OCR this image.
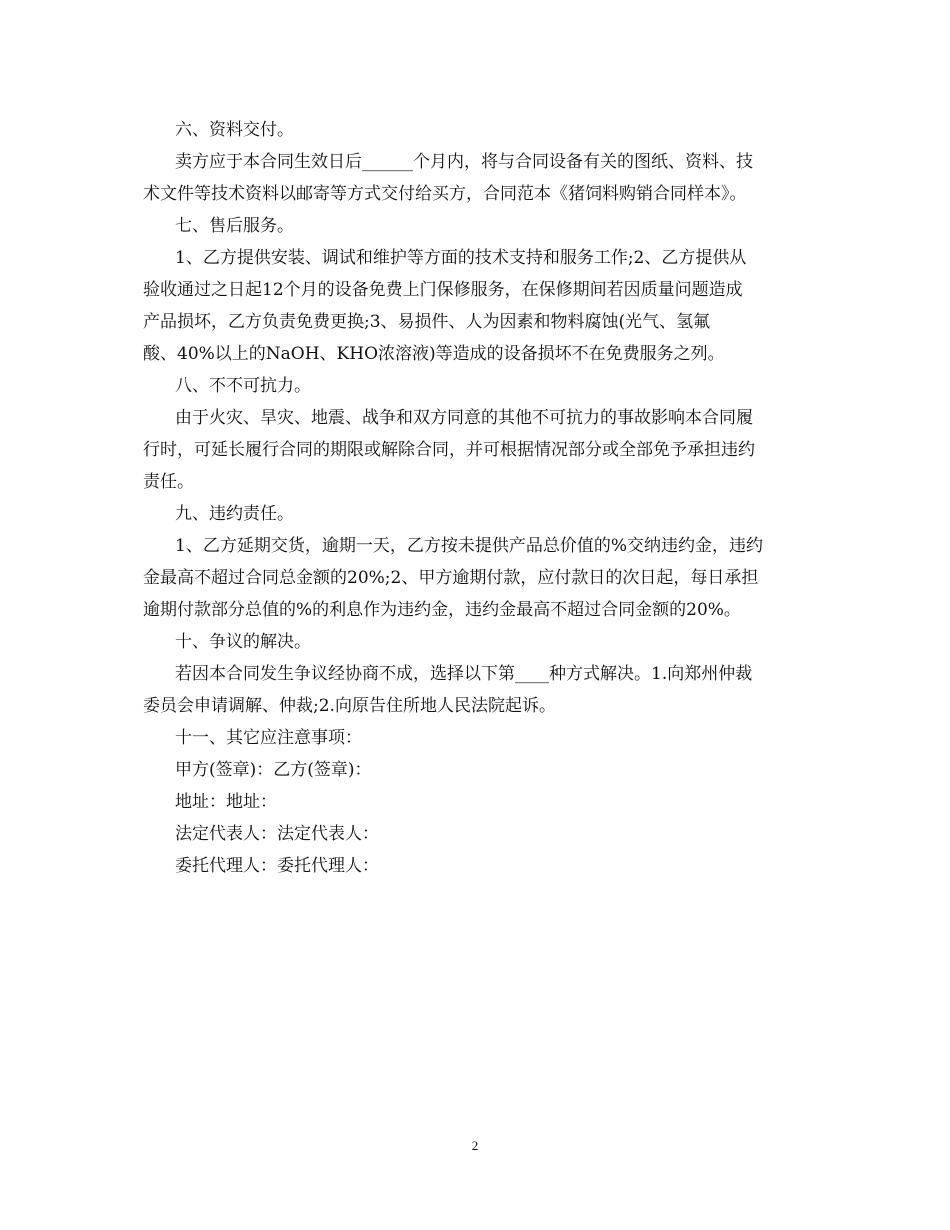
六、资料交付。
卖方应于本合同生效日后______个月内，将与合同设备有关的图纸、资料、技
术文件等技术资料以邮寄等方式交付给买方，合同范本《猪饲料购销合同样本》。
七、售后服务。
1、乙方提供安装、调试和维护等方面的技术支持和服务工作;2、乙方提供从
验收通过之日起12个月的设备免费上门保修服务，在保修期间若因质量问题造成
产品损坏，乙方负责免费更换;3、易损件、人为因素和物料腐蚀(光气、氢氟
酸、40%以上的NaOH、KHO浓溶液)等造成的设备损坏不在免费服务之列。
八、不不可抗力。
由于火灾、旱灾、地震、战争和双方同意的其他不可抗力的事故影响本合同履
行时，可延长履行合同的期限或解除合同，并可根据情况部分或全部免予承担违约
责任。
九、违约责任。
1、乙方延期交货，逾期一天，乙方按未提供产品总价值的%交纳违约金，违约
金最高不超过合同总金额的20%;2、甲方逾期付款，应付款日的次日起，每日承担
逾期付款部分总值的%的利息作为违约金，违约金最高不超过合同金额的20%。
十、争议的解决。
若因本合同发生争议经协商不成，选择以下第____种方式解决。1.向郑州仲裁
委员会申请调解、仲裁;2.向原告住所地人民法院起诉。
十一、其它应注意事项：
甲方(签章)：乙方(签章)：
地址：地址：
法定代表人：法定代表人：
委托代理人：委托代理人：
2
